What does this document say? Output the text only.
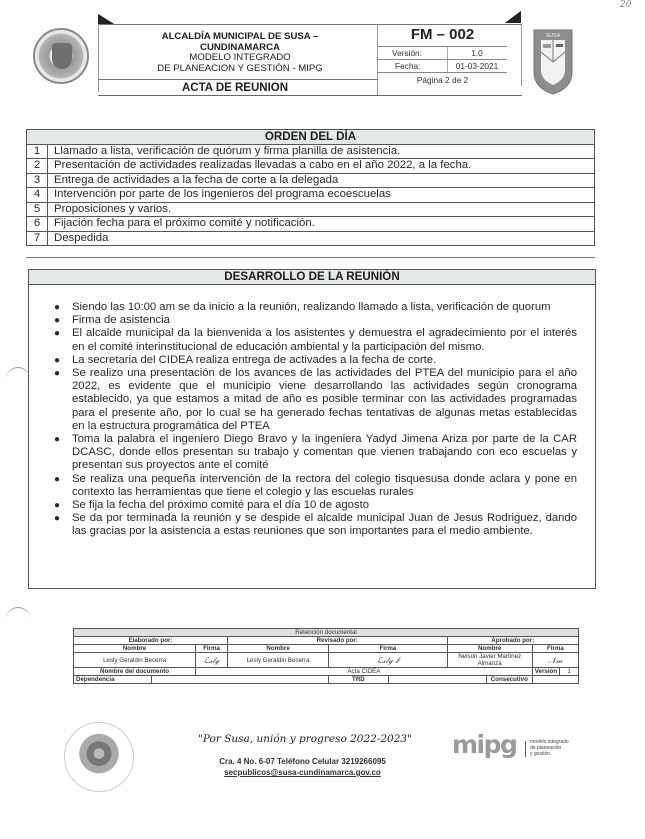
20
SUSA
ALCALDÍA MUNICIPAL DE SUSA –
CUNDINAMARCA
MODELO INTEGRADO
DE PLANEACION Y GESTIÓN - MIPG
ACTA DE REUNION
FM – 002
Versión:	1.0
Fecha:	01-03-2021
Página 2 de 2
ORDEN DEL DÍA	
1	Llamado a lista, verificación de quórum y firma planilla de asistencia.
2	Presentación de actividades realizadas llevadas a cabo en el año 2022, a la fecha.
3	Entrega de actividades a la fecha de corte a la delegada
4	Intervención por parte de los ingenieros del programa ecoescuelas
5	Proposiciones y varios.
6	Fijación fecha para el próximo comité y notificación.
7	Despedida
DESARROLLO DE LA REUNIÓN
● Siendo las 10:00 am se da inicio a la reunión, realizando llamado a lista, verificación de quorum
● Firma de asistencia
● El alcalde municipal da la bienvenida a los asistentes y demuestra el agradecimiento por el interés en el comité interinstitucional de educación ambiental y la participación del mismo.
● La secretaria del CIDEA realiza entrega de activades a la fecha de corte.
● Se realizo una presentación de los avances de las actividades del PTEA del municipio para el año 2022, es evidente que el municipio viene desarrollando las actividades según cronograma establecido, ya que estamos a mitad de año es posible terminar con las actividades programadas para el presente año, por lo cual se ha generado fechas tentativas de algunas metas establecidas en la estructura programática del PTEA
● Toma la palabra el ingeniero Diego Bravo y la ingeniera Yadyd Jimena Ariza por parte de la CAR DCASC, donde ellos presentan su trabajo y comentan que vienen trabajando con eco escuelas y presentan sus proyectos ante el comité
● Se realiza una pequeña intervención de la rectora del colegio tisquesusa donde aclara y pone en contexto las herramientas que tiene el colegio y las escuelas rurales
● Se fija la fecha del próximo comité para el día 10 de agosto
● Se da por terminada la reunión y se despide el alcalde municipal Juan de Jesus Rodriguez, dando las gracias por la asistencia a estas reuniones que son importantes para el medio ambiente.
Retención documental									
Elaborado por:			Revisado por:			Aprobado por:			
Nombre		Firma	Nombre	Firma		Nombre		Firma	
Lesly Geraldin Becerra		ℒ𝓈𝓁𝓎	Lesly Geraldin Becerra	ℒ𝓈𝓁𝓎 𝒷		Nelson Javier Martinez Almanza		𝒩𝓂	
Nombre del documento		Acta CIDEA						Versión	1
Dependencia				TRD			Consecutivo		
"Por Susa, unión y progreso 2022-2023"
Cra. 4 No. 6-07 Teléfono Celular 3219266095
secpublicos@susa-cundinamarca.gov.co
mipg	modelo integrado
de planeación
y gestión.
